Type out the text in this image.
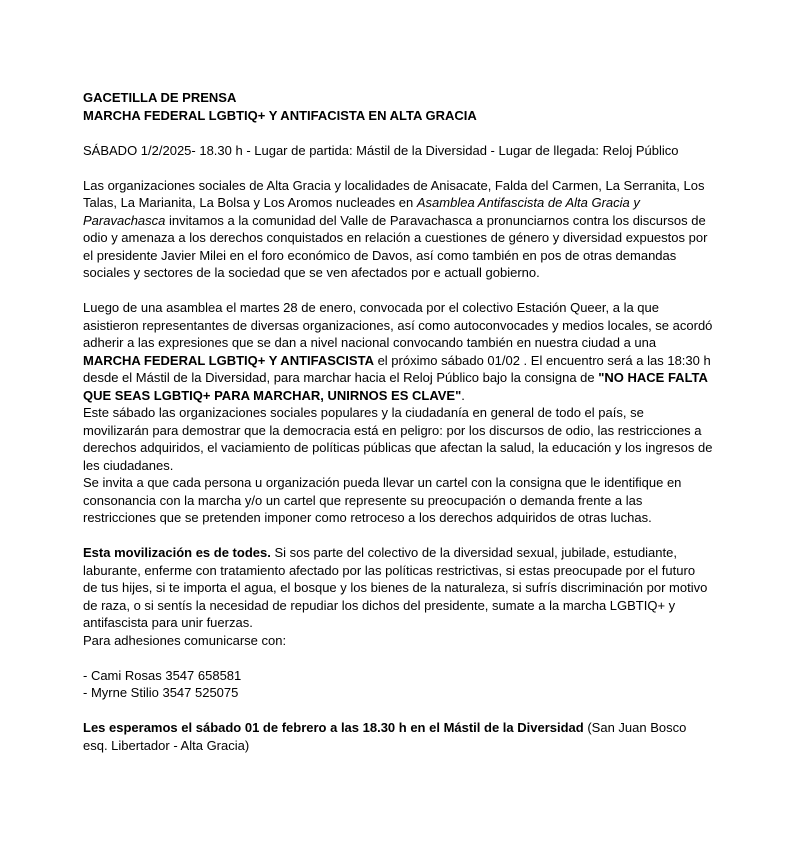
GACETILLA DE PRENSA

MARCHA FEDERAL LGBTIQ+ Y ANTIFACISTA EN ALTA GRACIA

SÁBADO 1/2/2025- 18.30 h - Lugar de partida: Mástil de la Diversidad - Lugar de llegada: Reloj Público

Las organizaciones sociales de Alta Gracia y localidades de Anisacate, Falda del Carmen, La Serranita, Los Talas, La Marianita, La Bolsa y Los Aromos nucleades en Asamblea Antifascista de Alta Gracia y Paravachasca invitamos a la comunidad del Valle de Paravachasca a pronunciarnos contra los discursos de odio y amenaza a los derechos conquistados en relación a cuestiones de género y diversidad expuestos por el presidente Javier Milei en el foro económico de Davos, así como también en pos de otras demandas sociales y sectores de la sociedad que se ven afectados por e actuall gobierno.

Luego de una asamblea el martes 28 de enero, convocada por el colectivo Estación Queer, a la que asistieron representantes de diversas organizaciones, así como autoconvocades y medios locales, se acordó adherir a las expresiones que se dan a nivel nacional convocando también en nuestra ciudad a una MARCHA FEDERAL LGBTIQ+ Y ANTIFASCISTA el próximo sábado 01/02 . El encuentro será a las 18:30 h desde el Mástil de la Diversidad, para marchar hacia el Reloj Público bajo la consigna de "NO HACE FALTA QUE SEAS LGBTIQ+ PARA MARCHAR, UNIRNOS ES CLAVE".

Este sábado las organizaciones sociales populares y la ciudadanía en general de todo el país, se movilizarán para demostrar que la democracia está en peligro: por los discursos de odio, las restricciones a derechos adquiridos, el vaciamiento de políticas públicas que afectan la salud, la educación y los ingresos de les ciudadanes.

Se invita a que cada persona u organización pueda llevar un cartel con la consigna que le identifique en consonancia con la marcha y/o un cartel que represente su preocupación o demanda frente a las restricciones que se pretenden imponer como retroceso a los derechos adquiridos de otras luchas.

Esta movilización es de todes. Si sos parte del colectivo de la diversidad sexual, jubilade, estudiante, laburante, enferme con tratamiento afectado por las políticas restrictivas, si estas preocupade por el futuro de tus hijes, si te importa el agua, el bosque y los bienes de la naturaleza, si sufrís discriminación por motivo de raza, o si sentís la necesidad de repudiar los dichos del presidente, sumate a la marcha LGBTIQ+ y antifascista para unir fuerzas.

Para adhesiones comunicarse con:

- Cami Rosas 3547 658581

- Myrne Stilio 3547 525075

Les esperamos el sábado 01 de febrero a las 18.30 h en el Mástil de la Diversidad (San Juan Bosco esq. Libertador - Alta Gracia)
